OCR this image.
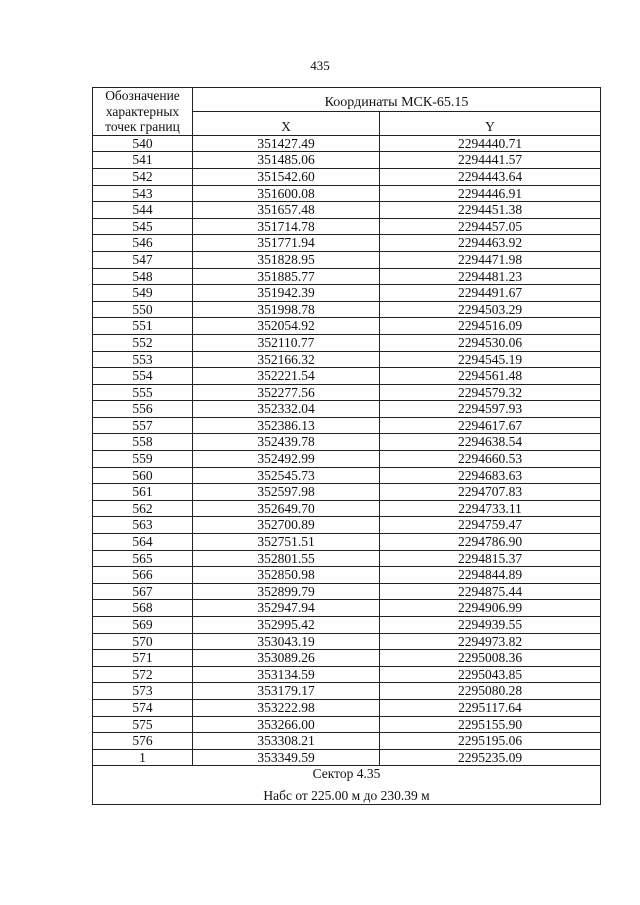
435
Обозначение характерных точек границ	Координаты МСК-65.15	
	X	Y
540	351427.49	2294440.71
541	351485.06	2294441.57
542	351542.60	2294443.64
543	351600.08	2294446.91
544	351657.48	2294451.38
545	351714.78	2294457.05
546	351771.94	2294463.92
547	351828.95	2294471.98
548	351885.77	2294481.23
549	351942.39	2294491.67
550	351998.78	2294503.29
551	352054.92	2294516.09
552	352110.77	2294530.06
553	352166.32	2294545.19
554	352221.54	2294561.48
555	352277.56	2294579.32
556	352332.04	2294597.93
557	352386.13	2294617.67
558	352439.78	2294638.54
559	352492.99	2294660.53
560	352545.73	2294683.63
561	352597.98	2294707.83
562	352649.70	2294733.11
563	352700.89	2294759.47
564	352751.51	2294786.90
565	352801.55	2294815.37
566	352850.98	2294844.89
567	352899.79	2294875.44
568	352947.94	2294906.99
569	352995.42	2294939.55
570	353043.19	2294973.82
571	353089.26	2295008.36
572	353134.59	2295043.85
573	353179.17	2295080.28
574	353222.98	2295117.64
575	353266.00	2295155.90
576	353308.21	2295195.06
1	353349.59	2295235.09

Сектор 4.35
Набс от 225.00 м до 230.39 м		
